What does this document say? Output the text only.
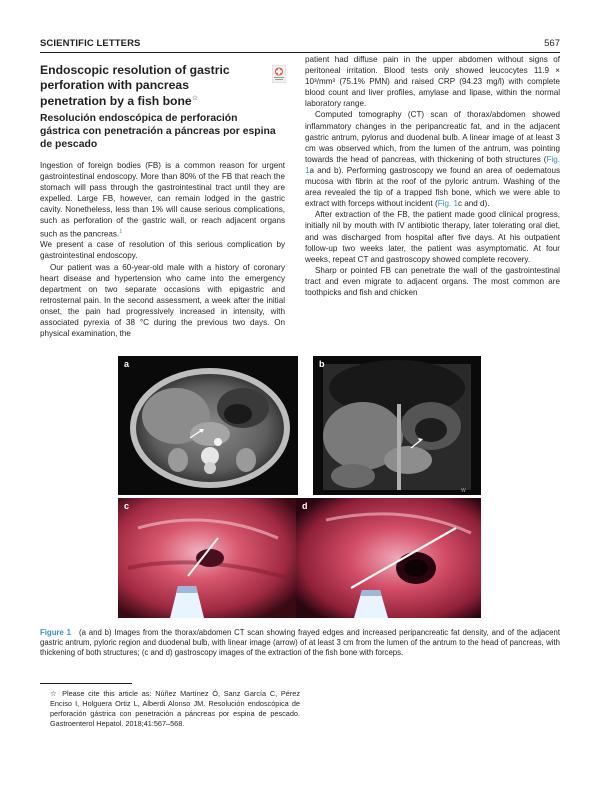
SCIENTIFIC LETTERS	567
Endoscopic resolution of gastric perforation with pancreas penetration by a fish bone☆
Resolución endoscópica de perforación gástrica con penetración a páncreas por espina de pescado

Ingestion of foreign bodies (FB) is a common reason for urgent gastrointestinal endoscopy. More than 80% of the FB that reach the stomach will pass through the gastrointestinal tract until they are expelled. Large FB, however, can remain lodged in the gastric cavity. Nonetheless, less than 1% will cause serious complications, such as perforation of the gastric wall, or reach adjacent organs such as the pancreas.$^1$

We present a case of resolution of this serious complication by gastrointestinal endoscopy.

Our patient was a 60-year-old male with a history of coronary heart disease and hypertension who came into the emergency department on two separate occasions with epigastric and retrosternal pain. In the second assessment, a week after the initial onset, the pain had progressively increased in intensity, with associated pyrexia of 38 °C during the previous two days. On physical examination, the

patient had diffuse pain in the upper abdomen without signs of peritoneal irritation. Blood tests only showed leucocytes 11.9 × 10³/mm³ (75.1% PMN) and raised CRP (94.23 mg/l) with complete blood count and liver profiles, amylase and lipase, within the normal laboratory range.

Computed tomography (CT) scan of thorax/abdomen showed inflammatory changes in the peripancreatic fat, and in the adjacent gastric antrum, pylorus and duodenal bulb. A linear image of at least 3 cm was observed which, from the lumen of the antrum, was pointing towards the head of pancreas, with thickening of both structures (Fig. 1a and b). Performing gastroscopy we found an area of oedematous mucosa with fibrin at the roof of the pyloric antrum. Washing of the area revealed the tip of a trapped fish bone, which we were able to extract with forceps without incident (Fig. 1c and d).

After extraction of the FB, the patient made good clinical progress, initially nil by mouth with IV antibiotic therapy, later tolerating oral diet, and was discharged from hospital after five days. At his outpatient follow-up two weeks later, the patient was asymptomatic. At four weeks, repeat CT and gastroscopy showed complete recovery.

Sharp or pointed FB can penetrate the wall of the gastrointestinal tract and even migrate to adjacent organs. The most common are toothpicks and fish and chicken

a
W
b
c	d
Figure 1 (a and b) Images from the thorax/abdomen CT scan showing frayed edges and increased peripancreatic fat density, and of the adjacent gastric antrum, pyloric region and duodenal bulb, with linear image (arrow) of at least 3 cm from the lumen of the antrum to the head of pancreas, with thickening of both structures; (c and d) gastroscopy images of the extraction of the fish bone with forceps.
☆ Please cite this article as: Núñez Martínez Ó, Sanz García C, Pérez Enciso I, Holguera Ortiz L, Alberdi Alonso JM. Resolución endoscópica de perforación gástrica con penetración a páncreas por espina de pescado. Gastroenterol Hepatol. 2018;41:567–568.
